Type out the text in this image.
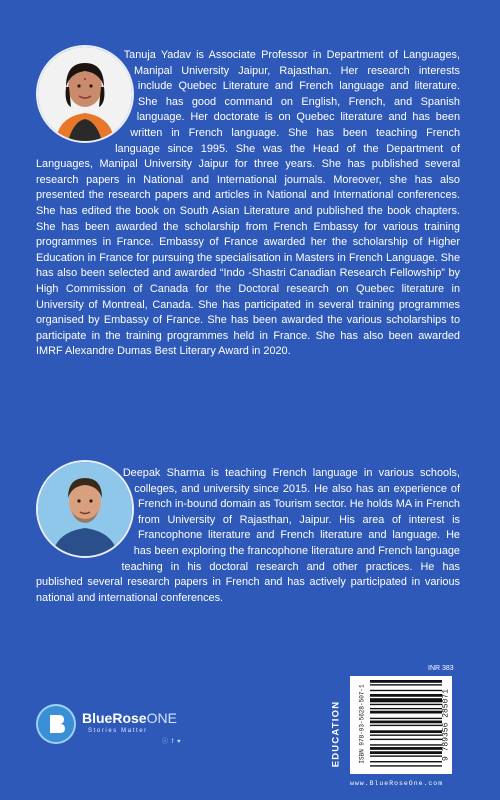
Tanuja Yadav is Associate Professor in Department of Languages, Manipal University Jaipur, Rajasthan. Her research interests include Quebec Literature and French language and literature. She has good command on English, French, and Spanish language. Her doctorate is on Quebec literature and has been written in French language. She has been teaching French language since 1995. She was the Head of the Department of Languages, Manipal University Jaipur for three years. She has published several research papers in National and International journals. Moreover, she has also presented the research papers and articles in National and International conferences. She has edited the book on South Asian Literature and published the book chapters. She has been awarded the scholarship from French Embassy for various training programmes in France. Embassy of France awarded her the scholarship of Higher Education in France for pursuing the specialisation in Masters in French Language. She has also been selected and awarded “Indo -Shastri Canadian Research Fellowship” by High Commission of Canada for the Doctoral research on Quebec literature in University of Montreal, Canada. She has participated in several training programmes organised by Embassy of France. She has been awarded the various scholarships to participate in the training programmes held in France. She has also been awarded IMRF Alexandre Dumas Best Literary Award in 2020.

Deepak Sharma is teaching French language in various schools, colleges, and university since 2015. He also has an experience of French in-bound domain as Tourism sector. He holds MA in French from University of Rajasthan, Jaipur. His area of interest is Francophone literature and French literature and language. He has been exploring the francophone literature and French language teaching in his doctoral research and other practices. He has published several research papers in French and has actively participated in various national and international conferences.

BlueRoseONE
Stories Matter
ⓘ f ♥	EDUCATION
INR 383
ISBN 978-93-5628-507-1	9 789356 285071
www.BlueRoseOne.com
